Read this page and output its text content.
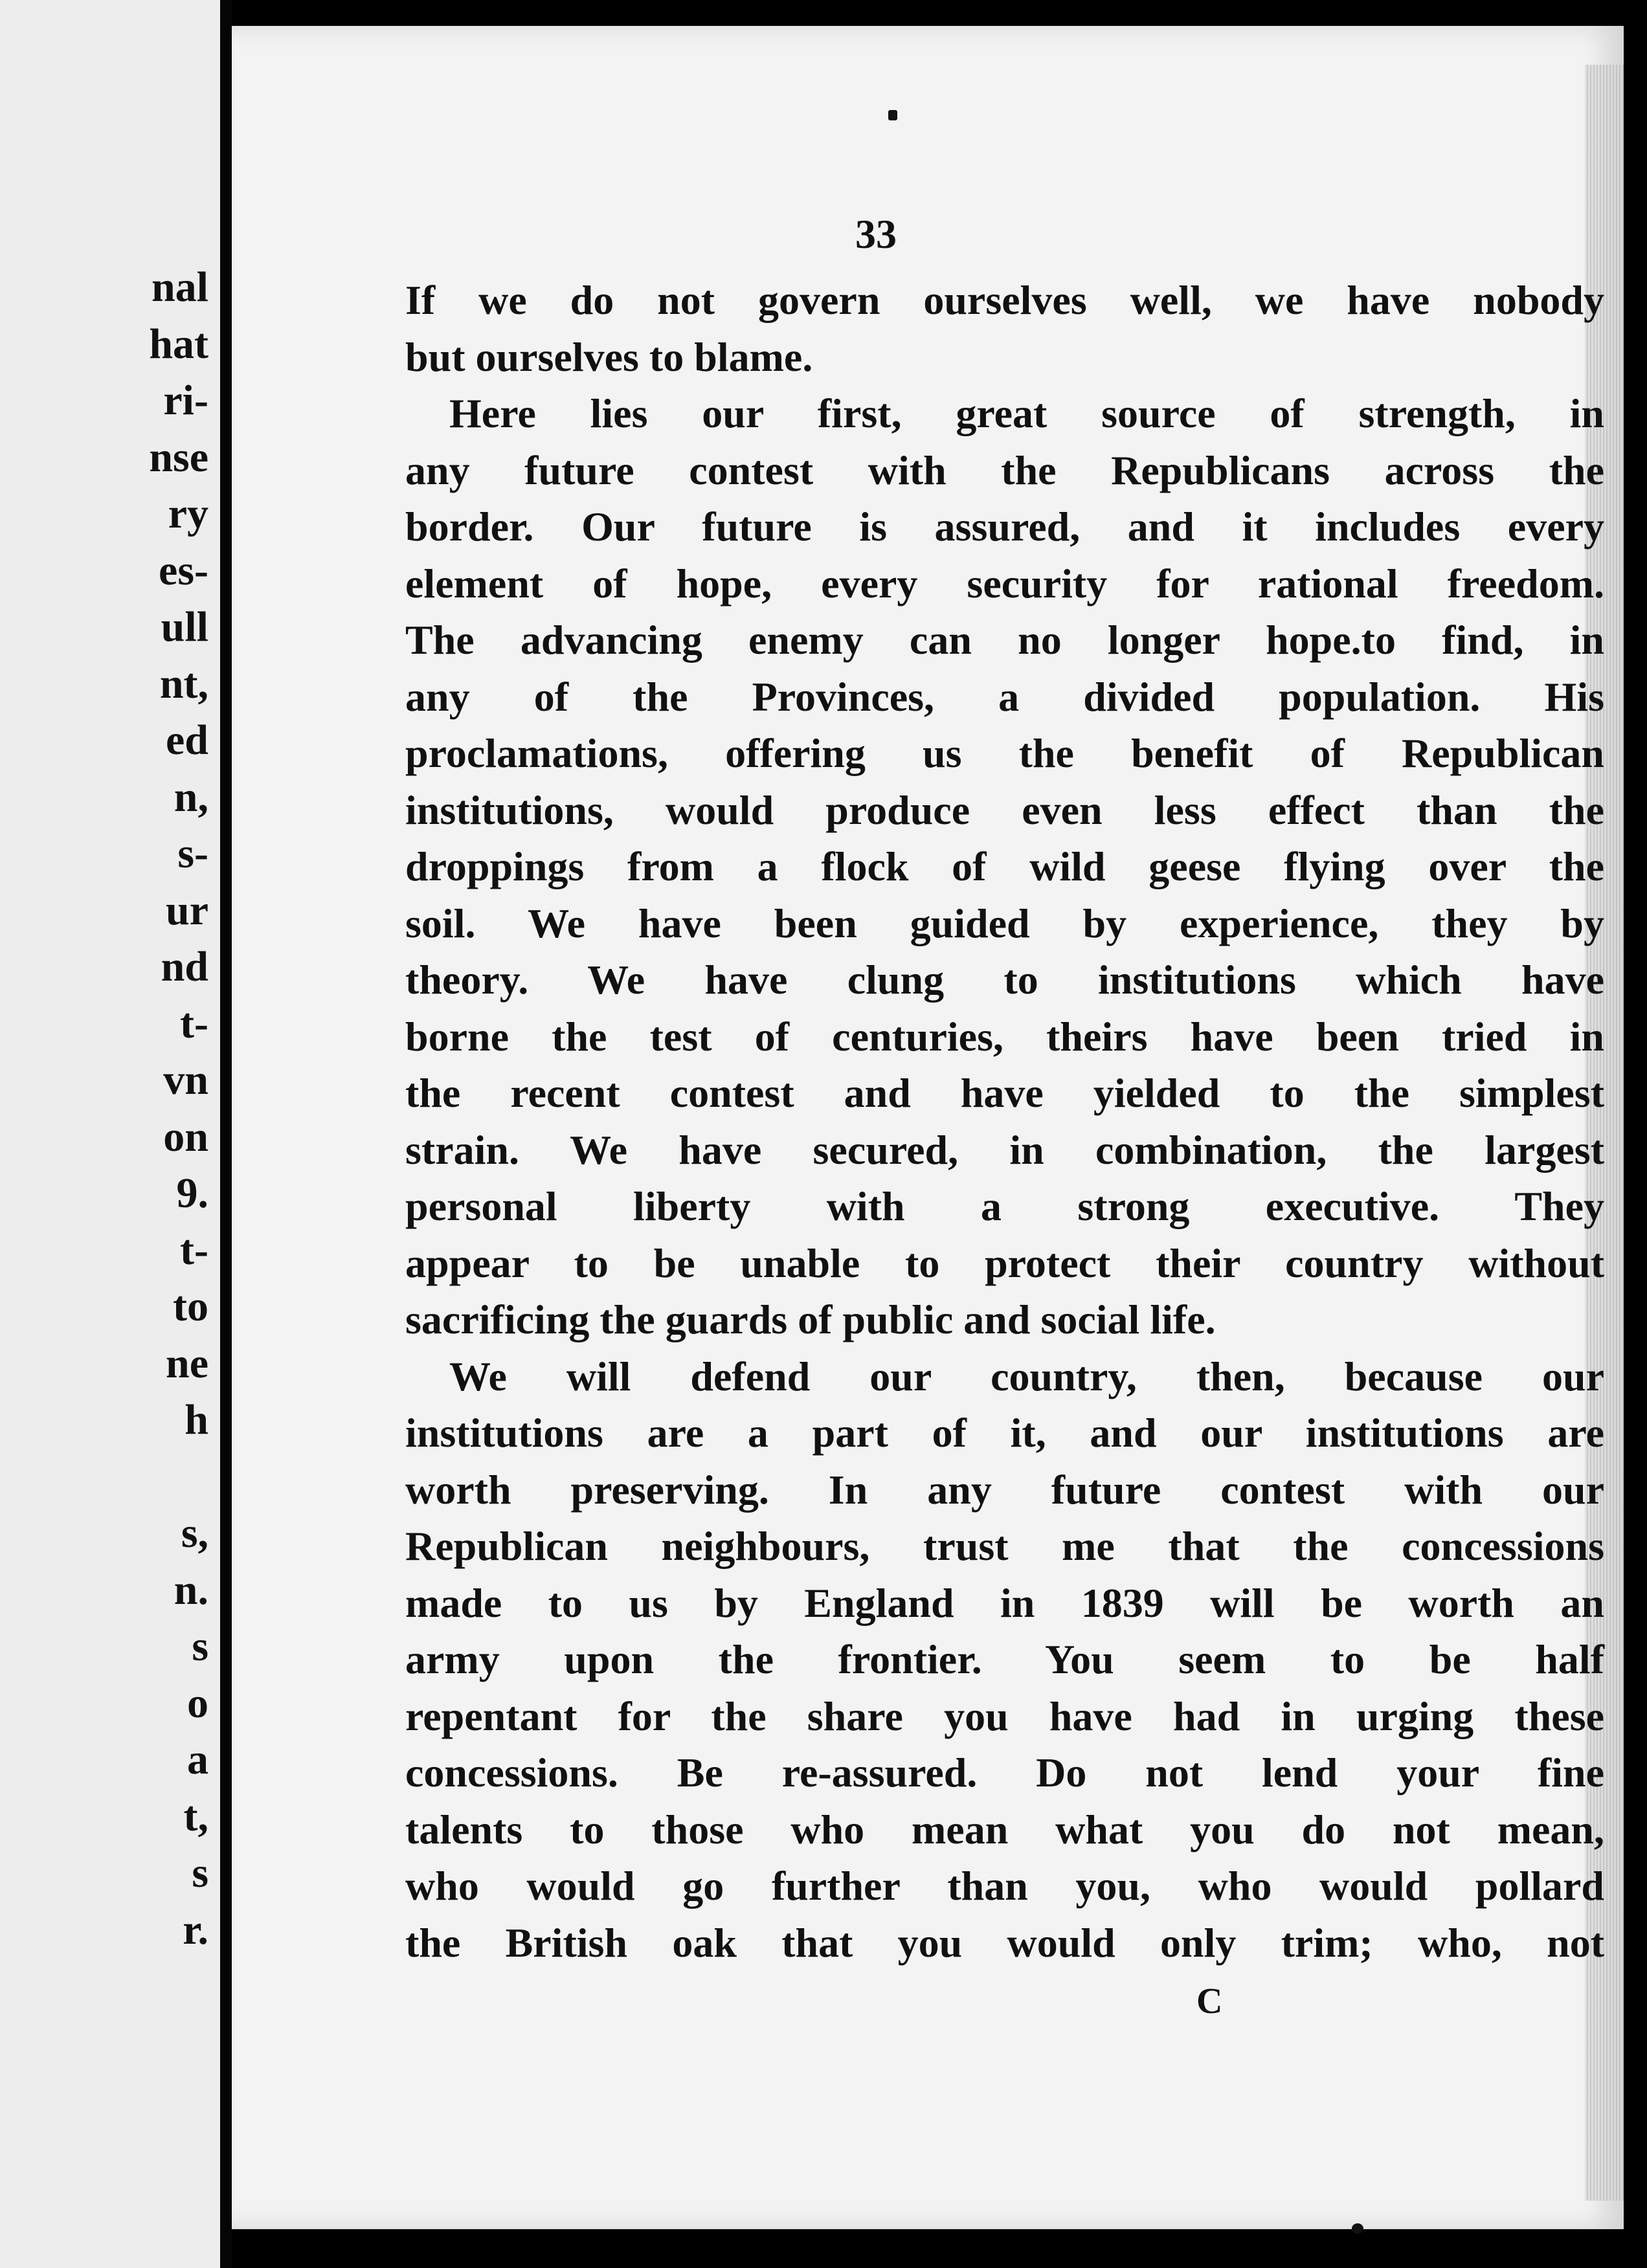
nal
hat
ri-
nse
ry
es-
ull
nt,
ed
n,
s-
ur
nd
t-
vn
on
9.
t-
to
ne
h
s,
n.
s
o
a
t,
s
r.
33
If we do not govern ourselves well, we have nobody
but ourselves to blame.
Here lies our first, great source of strength, in
any future contest with the Republicans across the
border. Our future is assured, and it includes every
element of hope, every security for rational freedom.
The advancing enemy can no longer hope.to find, in
any of the Provinces, a divided population. His
proclamations, offering us the benefit of Republican
institutions, would produce even less effect than the
droppings from a flock of wild geese flying over the
soil. We have been guided by experience, they by
theory. We have clung to institutions which have
borne the test of centuries, theirs have been tried in
the recent contest and have yielded to the simplest
strain. We have secured, in combination, the largest
personal liberty with a strong executive. They
appear to be unable to protect their country without
sacrificing the guards of public and social life.
We will defend our country, then, because our
institutions are a part of it, and our institutions are
worth preserving. In any future contest with our
Republican neighbours, trust me that the concessions
made to us by England in 1839 will be worth an
army upon the frontier. You seem to be half
repentant for the share you have had in urging these
concessions. Be re-assured. Do not lend your fine
talents to those who mean what you do not mean,
who would go further than you, who would pollard
the British oak that you would only trim; who, not
C
